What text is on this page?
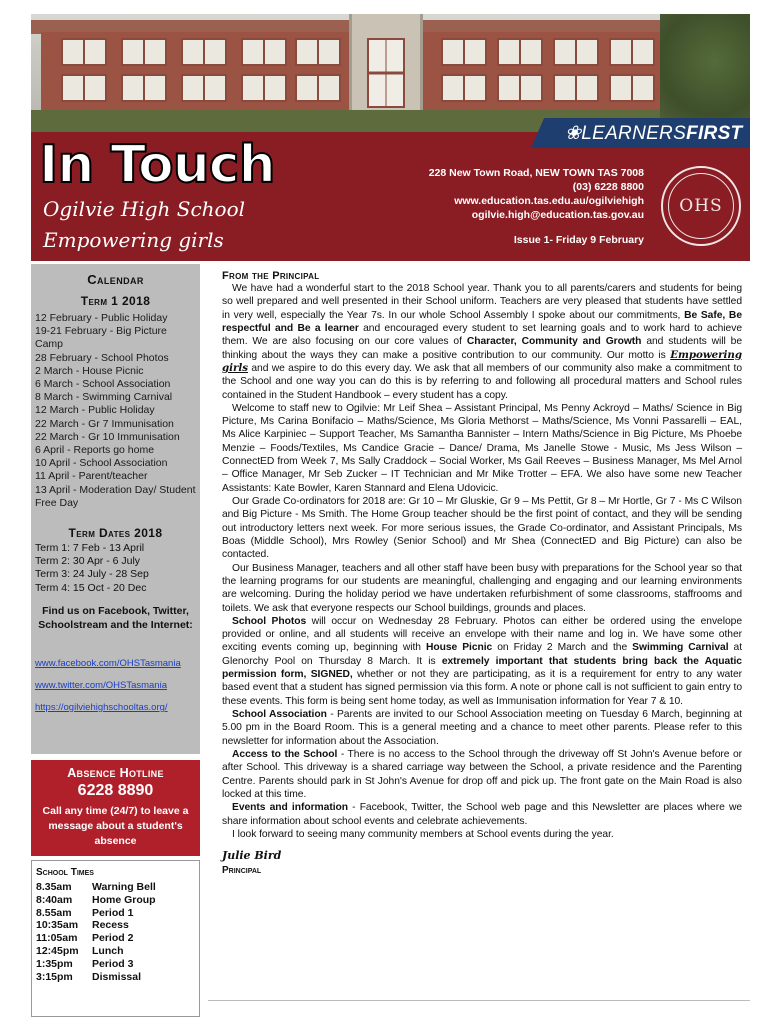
❀LEARNERSFIRST
In Touch
Ogilvie High School
Empowering girls
228 New Town Road, NEW TOWN TAS 7008
(03) 6228 8800
www.education.tas.edu.au/ogilviehigh
ogilvie.high@education.tas.gov.au
Issue 1- Friday 9 February
OHS
Calendar
Term 1 2018
12 February - Public Holiday
19-21 February - Big Picture Camp
28 February - School Photos
2 March - House Picnic
6 March - School Association
8 March - Swimming Carnival
12 March - Public Holiday
22 March - Gr 7 Immunisation
22 March - Gr 10 Immunisation
6 April - Reports go home
10 April - School Association
11 April - Parent/teacher
13 April - Moderation Day/ Student Free Day
Term Dates 2018
Term 1: 7 Feb - 13 April
Term 2: 30 Apr - 6 July
Term 3: 24 July - 28 Sep
Term 4: 15 Oct - 20 Dec
Find us on Facebook, Twitter, Schoolstream and the Internet:
www.facebook.com/OHSTasmania
www.twitter.com/OHSTasmania
https://ogilviehighschooltas.org/
Absence Hotline
6228 8890
Call any time (24/7) to leave a message about a student's absence
School Times
8.35am	Warning Bell
8:40am	Home Group
8.55am	Period 1
10:35am	Recess
11:05am	Period 2
12:45pm	Lunch
1:35pm	Period 3
3:15pm	Dismissal
From the Principal

We have had a wonderful start to the 2018 School year. Thank you to all parents/carers and students for being so well prepared and well presented in their School uniform. Teachers are very pleased that students have settled in very well, especially the Year 7s. In our whole School Assembly I spoke about our commitments, Be Safe, Be respectful and Be a learner and encouraged every student to set learning goals and to work hard to achieve them. We are also focusing on our core values of Character, Community and Growth and students will be thinking about the ways they can make a positive contribution to our community. Our motto is Empowering girls and we aspire to do this every day. We ask that all members of our community also make a commitment to the School and one way you can do this is by referring to and following all procedural matters and School rules contained in the Student Handbook – every student has a copy.

Welcome to staff new to Ogilvie: Mr Leif Shea – Assistant Principal, Ms Penny Ackroyd – Maths/ Science in Big Picture, Ms Carina Bonifacio – Maths/Science, Ms Gloria Methorst – Maths/Science, Ms Vonni Passarelli – EAL, Ms Alice Karpiniec – Support Teacher, Ms Samantha Bannister – Intern Maths/Science in Big Picture, Ms Phoebe Menzie – Foods/Textiles, Ms Candice Gracie – Dance/ Drama, Ms Janelle Stowe - Music, Ms Jess Wilson – ConnectED from Week 7, Ms Sally Craddock – Social Worker, Ms Gail Reeves – Business Manager, Ms Mel Arnol – Office Manager, Mr Seb Zucker – IT Technician and Mr Mike Trotter – EFA. We also have some new Teacher Assistants: Kate Bowler, Karen Stannard and Elena Udovicic.

Our Grade Co-ordinators for 2018 are: Gr 10 – Mr Gluskie, Gr 9 – Ms Pettit, Gr 8 – Mr Hortle, Gr 7 - Ms C Wilson and Big Picture - Ms Smith. The Home Group teacher should be the first point of contact, and they will be sending out introductory letters next week. For more serious issues, the Grade Co-ordinator, and Assistant Principals, Ms Boas (Middle School), Mrs Rowley (Senior School) and Mr Shea (ConnectED and Big Picture) can also be contacted.

Our Business Manager, teachers and all other staff have been busy with preparations for the School year so that the learning programs for our students are meaningful, challenging and engaging and our learning environments are welcoming. During the holiday period we have undertaken refurbishment of some classrooms, staffrooms and toilets. We ask that everyone respects our School buildings, grounds and places.

School Photos will occur on Wednesday 28 February. Photos can either be ordered using the envelope provided or online, and all students will receive an envelope with their name and log in. We have some other exciting events coming up, beginning with House Picnic on Friday 2 March and the Swimming Carnival at Glenorchy Pool on Thursday 8 March. It is extremely important that students bring back the Aquatic permission form, SIGNED, whether or not they are participating, as it is a requirement for entry to any water based event that a student has signed permission via this form. A note or phone call is not sufficient to gain entry to these events. This form is being sent home today, as well as Immunisation information for Year 7 & 10.

School Association - Parents are invited to our School Association meeting on Tuesday 6 March, beginning at 5.00 pm in the Board Room. This is a general meeting and a chance to meet other parents. Please refer to this newsletter for information about the Association.

Access to the School - There is no access to the School through the driveway off St John's Avenue before or after School. This driveway is a shared carriage way between the School, a private residence and the Parenting Centre. Parents should park in St John's Avenue for drop off and pick up. The front gate on the Main Road is also locked at this time.

Events and information - Facebook, Twitter, the School web page and this Newsletter are places where we share information about school events and celebrate achievements.

I look forward to seeing many community members at School events during the year.

Julie Bird
Principal
